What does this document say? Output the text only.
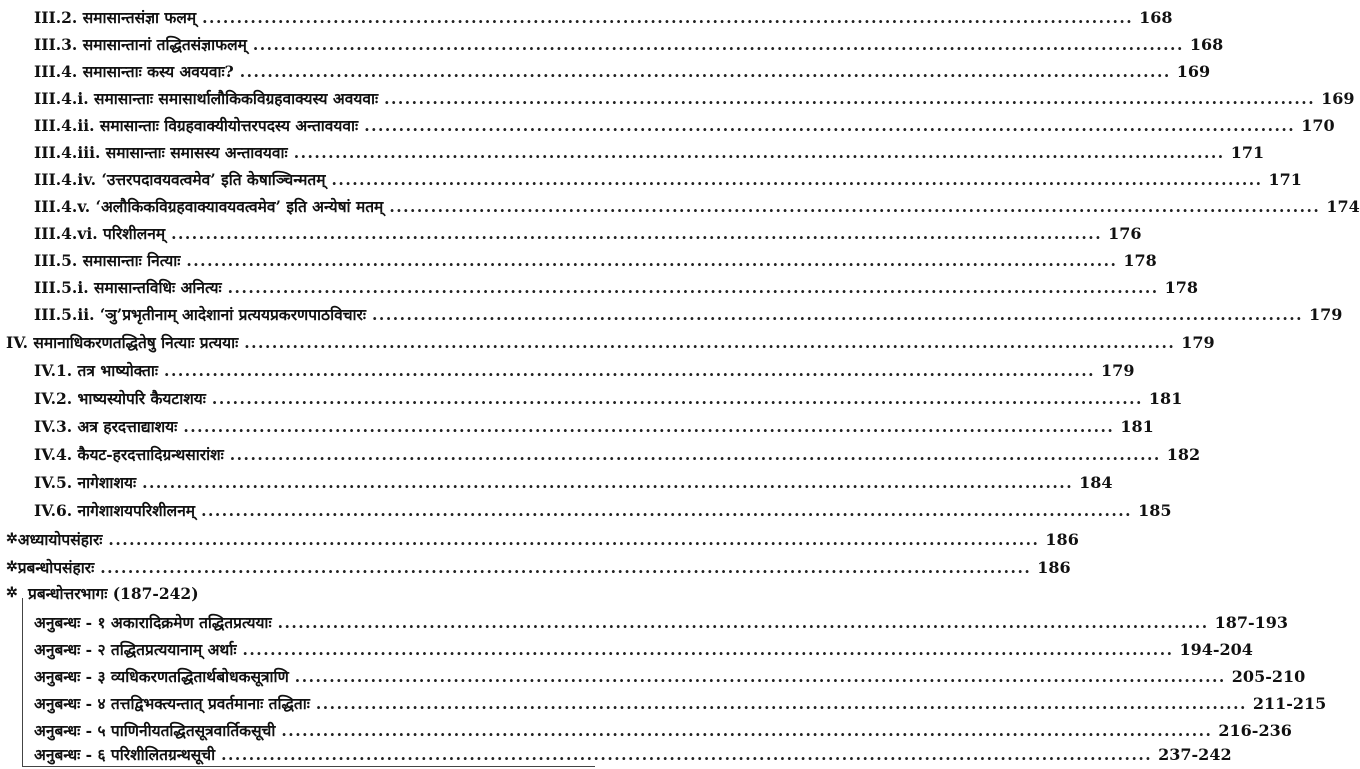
III.2. समासान्तसंज्ञा फलम् .....	168
III.3. समासान्तानां तद्धितसंज्ञाफलम् .....	168
III.4. समासान्ताः कस्य अवयवाः? .....	169
III.4.i. समासान्ताः समासार्थालौकिकविग्रहवाक्यस्य अवयवाः .....	169
III.4.ii. समासान्ताः विग्रहवाक्यीयोत्तरपदस्य अन्तावयवाः .....	170
III.4.iii. समासान्ताः समासस्य अन्तावयवाः .....	171
III.4.iv. ‘उत्तरपदावयवत्वमेव’ इति केषाञ्चिन्मतम् .....	171
III.4.v. ‘अलौकिकविग्रहवाक्यावयवत्वमेव’ इति अन्येषां मतम् .....	174
III.4.vi. परिशीलनम् .....	176
III.5. समासान्ताः नित्याः .....	178
III.5.i. समासान्तविधिः अनित्यः .....	178
III.5.ii. ‘ञु’प्रभृतीनाम् आदेशानां प्रत्ययप्रकरणपाठविचारः .....	179
IV. समानाधिकरणतद्धितेषु नित्याः प्रत्ययाः .....	179
IV.1. तत्र भाष्योक्ताः .....	179
IV.2. भाष्यस्योपरि कैयटाशयः .....	181
IV.3. अत्र हरदत्ताद्याशयः .....	181
IV.4. कैयट-हरदत्तादिग्रन्थसारांशः .....	182
IV.5. नागेशाशयः .....	184
IV.6. नागेशाशयपरिशीलनम् .....	185
✲ अध्यायोपसंहारः .....	186
✲ प्रबन्धोपसंहारः .....	186
✲ प्रबन्धोत्तरभागः (187-242)
अनुबन्धः - १ अकारादिक्रमेण तद्धितप्रत्ययाः .....	187-193
अनुबन्धः - २ तद्धितप्रत्ययानाम् अर्थाः .....	194-204
अनुबन्धः - ३ व्यधिकरणतद्धितार्थबोधकसूत्राणि .....	205-210
अनुबन्धः - ४ तत्तद्विभक्त्यन्तात् प्रवर्तमानाः तद्धिताः .....	211-215
अनुबन्धः - ५ पाणिनीयतद्धितसूत्रवार्तिकसूची .....	216-236
अनुबन्धः - ६ परिशीलितग्रन्थसूची .....	237-242
